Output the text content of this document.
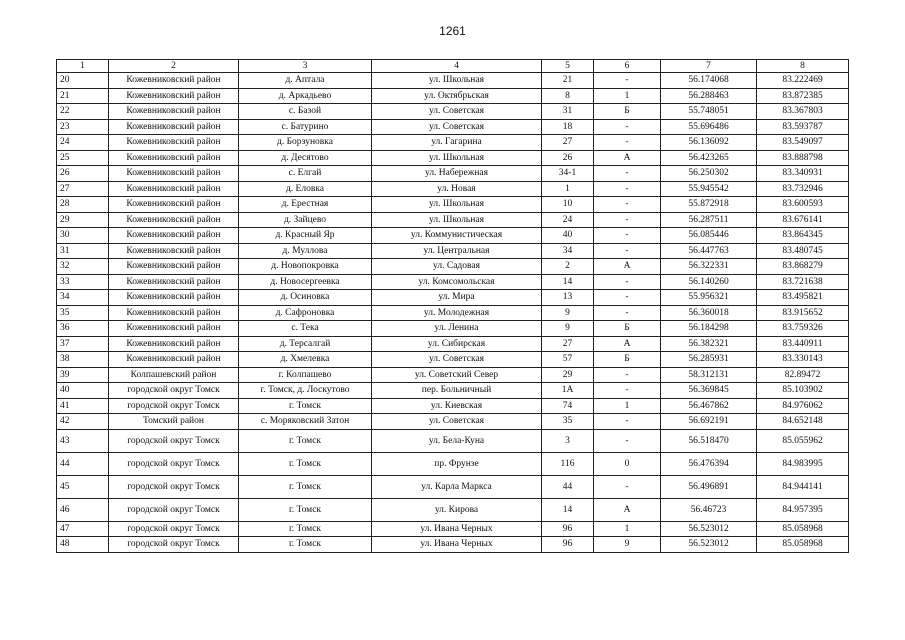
1261
1	2	3	4	5	6	7	8
20	Кожевниковский район	д. Аптала	ул. Школьная	21	-	56.174068	83.222469
21	Кожевниковский район	д. Аркадьево	ул. Октябрьская	8	1	56.288463	83.872385
22	Кожевниковский район	с. Базой	ул. Советская	31	Б	55.748051	83.367803
23	Кожевниковский район	с. Батурино	ул. Советская	18	-	55.696486	83.593787
24	Кожевниковский район	д. Борзуновка	ул. Гагарина	27	-	56.136092	83.549097
25	Кожевниковский район	д. Десятово	ул. Школьная	26	А	56.423265	83.888798
26	Кожевниковский район	с. Елгай	ул. Набережная	34-1	-	56.250302	83.340931
27	Кожевниковский район	д. Еловка	ул. Новая	1	-	55.945542	83.732946
28	Кожевниковский район	д. Ерестная	ул. Школьная	10	-	55.872918	83.600593
29	Кожевниковский район	д. Зайцево	ул. Школьная	24	-	56.287511	83.676141
30	Кожевниковский район	д. Красный Яр	ул. Коммунистическая	40	-	56.085446	83.864345
31	Кожевниковский район	д. Муллова	ул. Центральная	34	-	56.447763	83.480745
32	Кожевниковский район	д. Новопокровка	ул. Садовая	2	А	56.322331	83.868279
33	Кожевниковский район	д. Новосергеевка	ул. Комсомольская	14	-	56.140260	83.721638
34	Кожевниковский район	д. Осиновка	ул. Мира	13	-	55.956321	83.495821
35	Кожевниковский район	д. Сафроновка	ул. Молодежная	9	-	56.360018	83.915652
36	Кожевниковский район	с. Тека	ул. Ленина	9	Б	56.184298	83.759326
37	Кожевниковский район	д. Терсалгай	ул. Сибирская	27	А	56.382321	83.440911
38	Кожевниковский район	д. Хмелевка	ул. Советская	57	Б	56.285931	83.330143
39	Колпашевский район	г. Колпашево	ул. Советский Север	29	-	58.312131	82.89472
40	городской округ Томск	г. Томск, д. Лоскутово	пер. Больничный	1А	-	56.369845	85.103902
41	городской округ Томск	г. Томск	ул. Киевская	74	1	56.467862	84.976062
42	Томский район	с. Моряковский Затон	ул. Советская	35	-	56.692191	84.652148
43	городской округ Томск	г. Томск	ул. Бела-Куна	3	-	56.518470	85.055962
44	городской округ Томск	г. Томск	пр. Фрунзе	116	0	56.476394	84.983995
45	городской округ Томск	г. Томск	ул. Карла Маркса	44	-	56.496891	84.944141
46	городской округ Томск	г. Томск	ул. Кирова	14	А	56.46723	84.957395
47	городской округ Томск	г. Томск	ул. Ивана Черных	96	1	56.523012	85.058968
48	городской округ Томск	г. Томск	ул. Ивана Черных	96	9	56.523012	85.058968
